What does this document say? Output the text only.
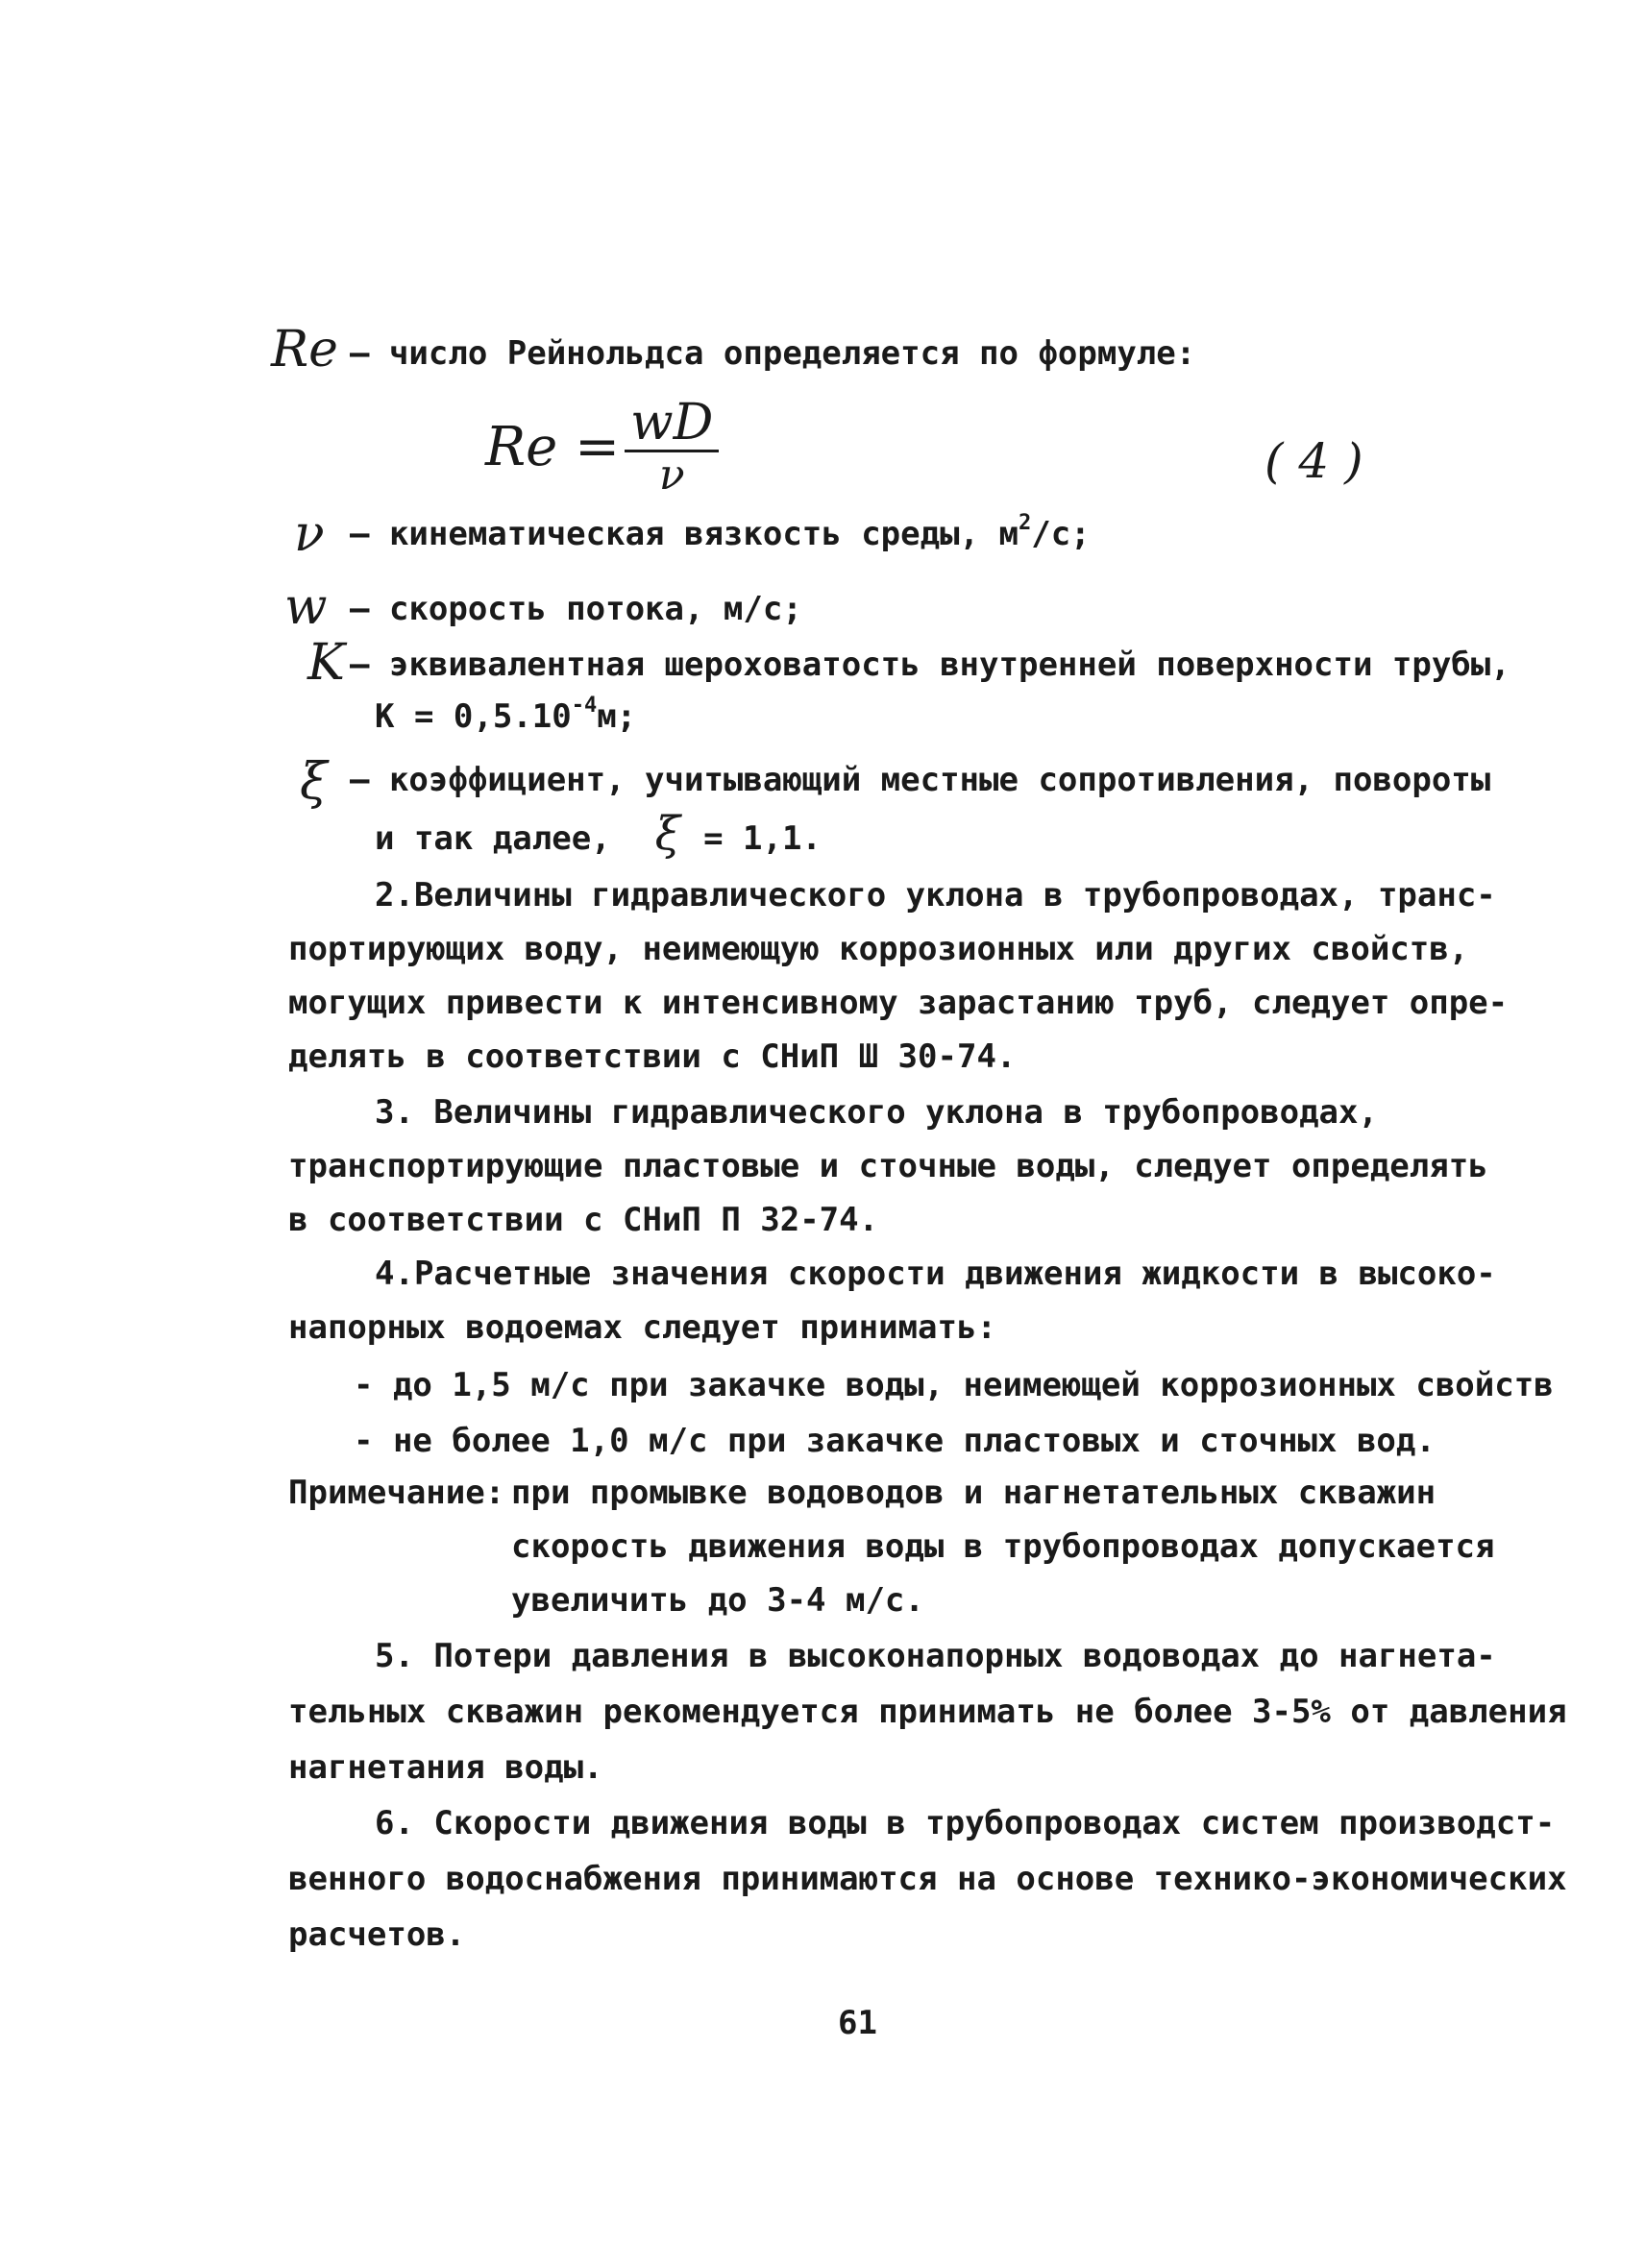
Re – число Рейнольдса определяется по формуле:
$Re = \frac{wD}{\nu}$	( 4 )
ν – кинематическая вязкость среды, $м^2/с$;
w – скорость потока, м/с;
K – эквивалентная шероховатость внутренней поверхности трубы,
$K = 0,5.10^{-4}м$;
ξ – коэффициент, учитывающий местные сопротивления, повороты
и так далее, ξ = 1,1.
2.Величины гидравлического уклона в трубопроводах, транс-
портирующих воду, неимеющую коррозионных или других свойств,
могущих привести к интенсивному зарастанию труб, следует опре-
делять в соответствии с СНиП Ш 30-74.
3. Величины гидравлического уклона в трубопроводах,
транспортирующие пластовые и сточные воды, следует определять
в соответствии с СНиП П 32-74.
4.Расчетные значения скорости движения жидкости в высоко-
напорных водоемах следует принимать:
- до 1,5 м/с при закачке воды, неимеющей коррозионных свойств
- не более 1,0 м/с при закачке пластовых и сточных вод.
Примечание: при промывке водоводов и нагнетательных скважин
скорость движения воды в трубопроводах допускается
увеличить до 3-4 м/с.
5. Потери давления в высоконапорных водоводах до нагнета-
тельных скважин рекомендуется принимать не более 3-5% от давления
нагнетания воды.
6. Скорости движения воды в трубопроводах систем производст-
венного водоснабжения принимаются на основе технико-экономических
расчетов.
61
